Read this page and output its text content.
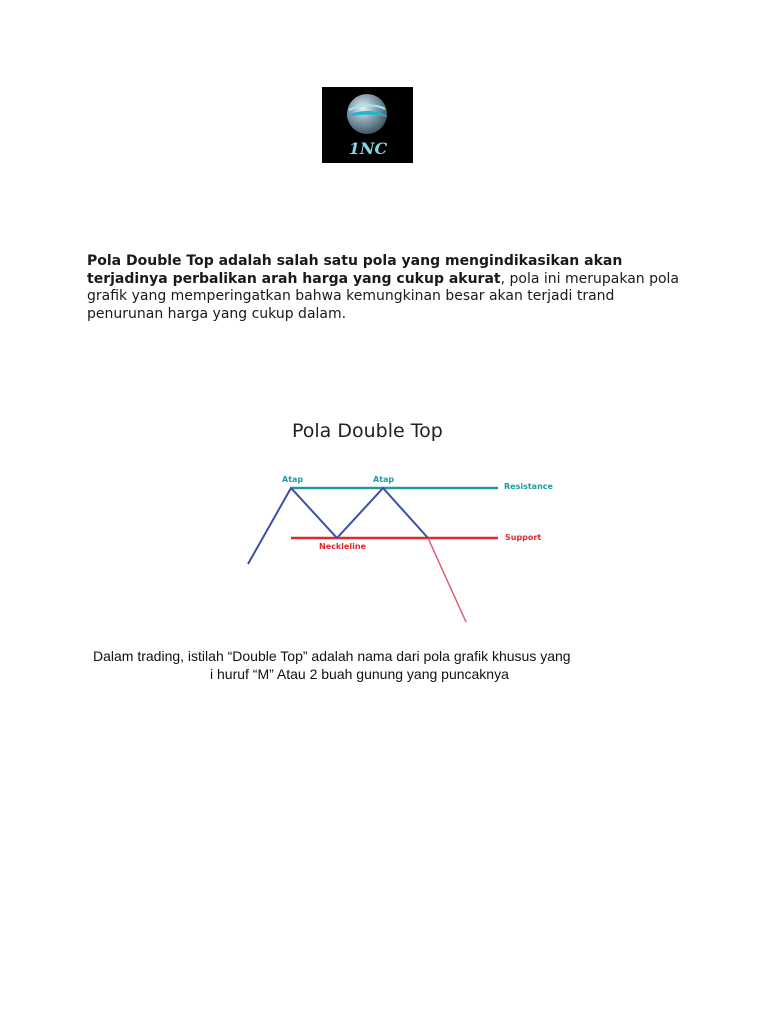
1NC

Pola Double Top adalah salah satu pola yang mengindikasikan akan terjadinya perbalikan arah harga yang cukup akurat, pola ini merupakan pola grafik yang memperingatkan bahwa kemungkinan besar akan terjadi trand penurunan harga yang cukup dalam.

Pola Double Top
Atap	Atap
Resistance
Support
Neckleline
Dalam trading, istilah “Double Top” adalah nama dari pola grafik khusus yang
i huruf “M” Atau 2 buah gunung yang puncaknya
